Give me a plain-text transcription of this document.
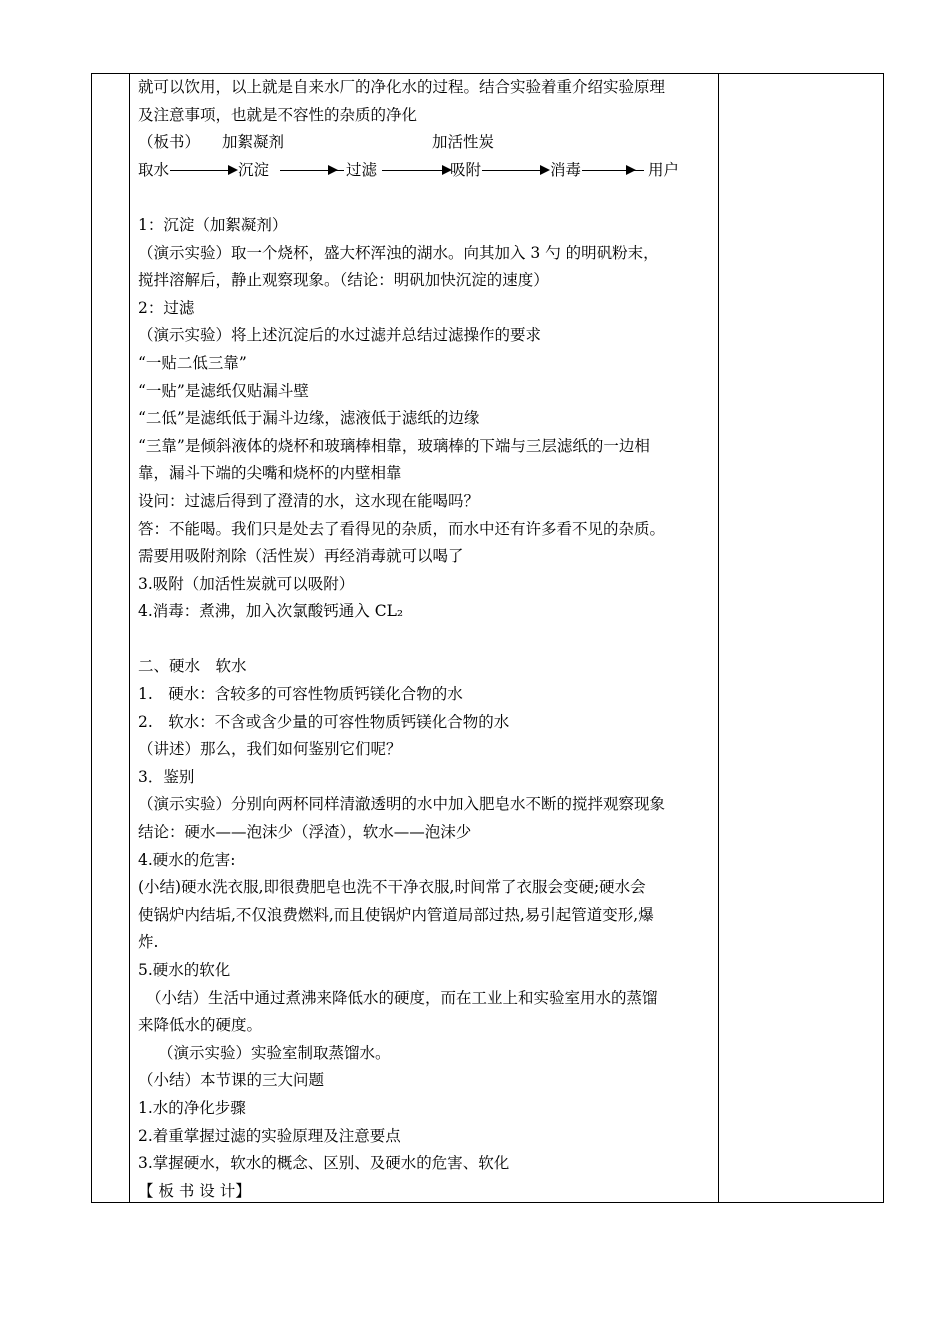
就可以饮用，以上就是自来水厂的净化水的过程。结合实验着重介绍实验原理
及注意事项，也就是不容性的杂质的净化
（板书） 加絮凝剂	加活性炭
取水	沉淀	过滤	吸附	消毒	用户
1：沉淀（加絮凝剂）
（演示实验）取一个烧杯，盛大杯浑浊的湖水。向其加入 3 勺 的明矾粉末，
搅拌溶解后，静止观察现象。（结论：明矾加快沉淀的速度）
2：过滤
（演示实验）将上述沉淀后的水过滤并总结过滤操作的要求
“一贴二低三靠”
“一贴”是滤纸仅贴漏斗壁
“二低”是滤纸低于漏斗边缘，滤液低于滤纸的边缘
“三靠”是倾斜液体的烧杯和玻璃棒相靠，玻璃棒的下端与三层滤纸的一边相
靠，漏斗下端的尖嘴和烧杯的内壁相靠
设问：过滤后得到了澄清的水，这水现在能喝吗？
答：不能喝。我们只是处去了看得见的杂质，而水中还有许多看不见的杂质。
需要用吸附剂除（活性炭）再经消毒就可以喝了
3.吸附（加活性炭就可以吸附）
4.消毒：煮沸，加入次氯酸钙通入 CL₂
二、硬水　软水
1.　硬水：含较多的可容性物质钙镁化合物的水
2.　软水：不含或含少量的可容性物质钙镁化合物的水
（讲述）那么，我们如何鉴别它们呢？
3．鉴别
（演示实验）分别向两杯同样清澈透明的水中加入肥皂水不断的搅拌观察现象
结论：硬水——泡沫少（浮渣），软水——泡沫少
4.硬水的危害:
(小结)硬水洗衣服,即很费肥皂也洗不干净衣服,时间常了衣服会变硬;硬水会
使锅炉内结垢,不仅浪费燃料,而且使锅炉内管道局部过热,易引起管道变形,爆
炸.
5.硬水的软化
（小结）生活中通过煮沸来降低水的硬度，而在工业上和实验室用水的蒸馏
来降低水的硬度。
（演示实验）实验室制取蒸馏水。
（小结）本节课的三大问题
1.水的净化步骤
2.着重掌握过滤的实验原理及注意要点
3.掌握硬水，软水的概念、区别、及硬水的危害、软化
【 板 书 设 计】
